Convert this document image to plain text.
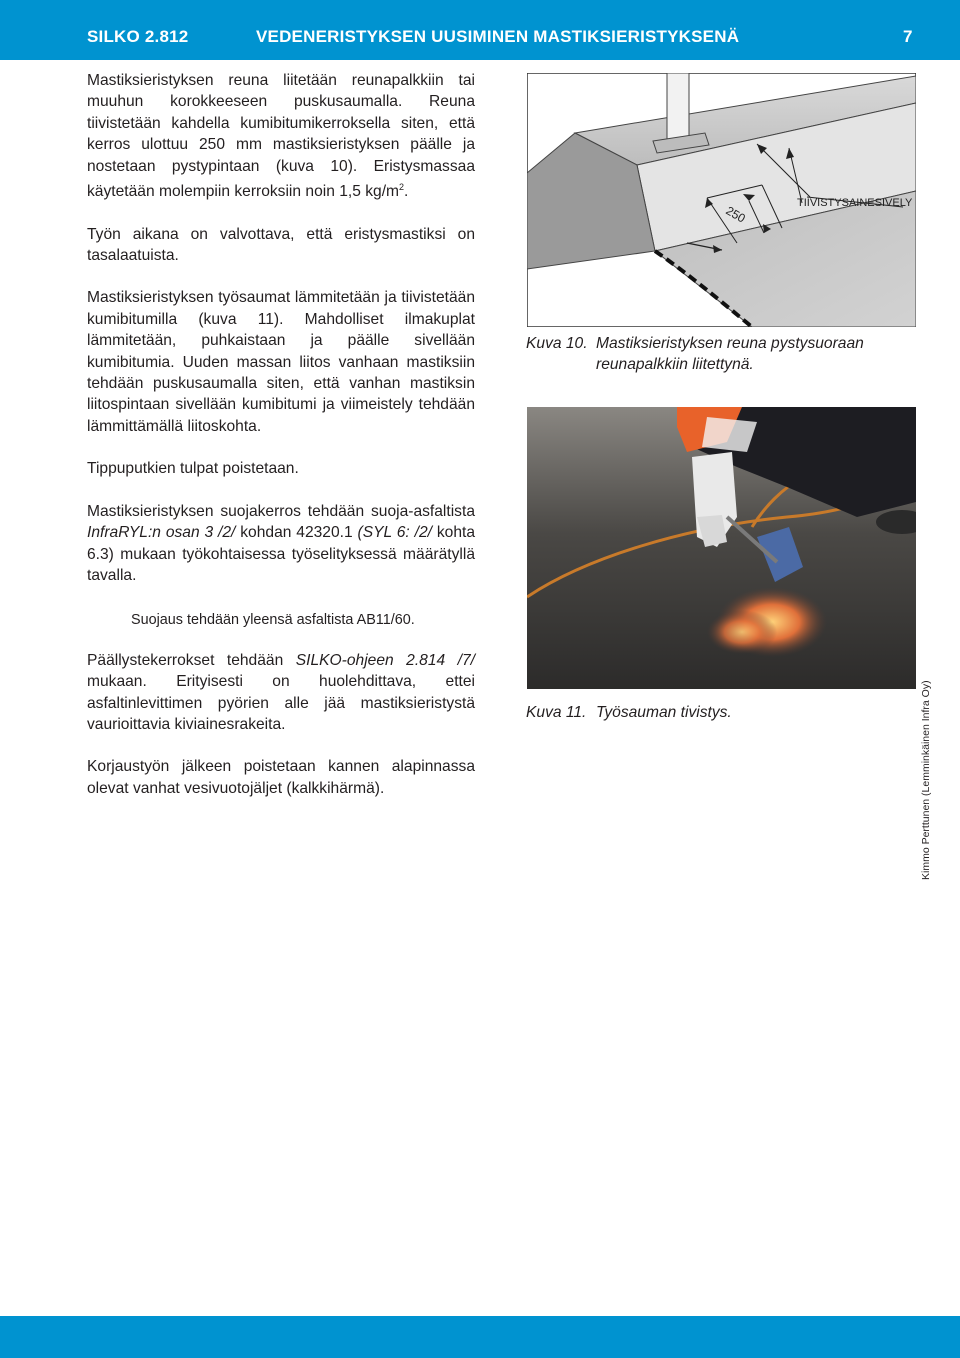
SILKO 2.812	VEDENERISTYKSEN UUSIMINEN MASTIKSIERISTYKSENÄ	7

Mastiksieristyksen reuna liitetään reunapalkkiin tai muuhun korokkeeseen puskusaumalla. Reuna tiivistetään kahdella kumibitumikerroksella siten, että kerros ulottuu 250 mm mastiksieristyksen päälle ja nostetaan pystypintaan (kuva 10). Eristysmassaa käytetään molempiin kerroksiin noin 1,5 $kg/m^2$.

Työn aikana on valvottava, että eristysmastiksi on tasalaatuista.

Mastiksieristyksen työsaumat lämmitetään ja tiivistetään kumibitumilla (kuva 11). Mahdolliset ilmakuplat lämmitetään, puhkaistaan ja päälle sivellään kumibitumia. Uuden massan liitos vanhaan mastiksiin tehdään puskusaumalla siten, että vanhan mastiksin liitospintaan sivellään kumibitumi ja viimeistely tehdään lämmittämällä liitoskohta.

Tippuputkien tulpat poistetaan.

Mastiksieristyksen suojakerros tehdään suoja-asfaltista InfraRYL:n osan 3 /2/ kohdan 42320.1 (SYL 6: /2/ kohta 6.3) mukaan työkohtaisessa työselityksessä määrätyllä tavalla.

Suojaus tehdään yleensä asfaltista AB11/60.

Päällystekerrokset tehdään SILKO-ohjeen 2.814 /7/ mukaan. Erityisesti on huolehdittava, ettei asfaltinlevittimen pyörien alle jää mastiksieristystä vaurioittavia kiviainesrakeita.

Korjaustyön jälkeen poistetaan kannen alapinnassa olevat vanhat vesivuotojäljet (kalkkihärmä).

250
TIIVISTYSAINESIVELY
Kuva 10. Mastiksieristyksen reuna pystysuoraan
reunapalkkiin liitettynä.
Kuva 11. Työsauman tivistys.	Kimmo Perttunen (Lemminkäinen Infra Oy)
